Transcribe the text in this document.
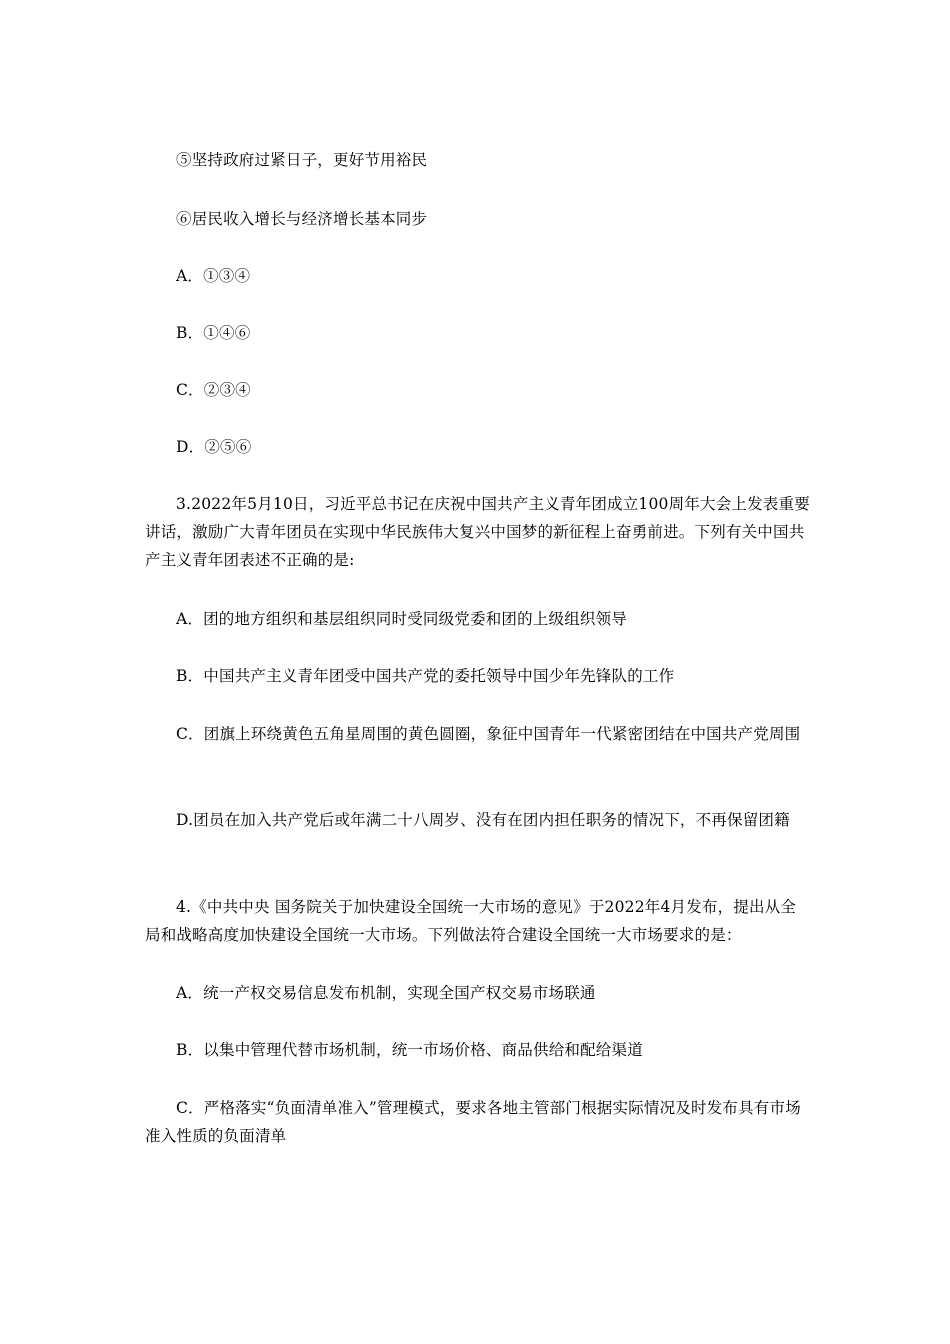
⑤坚持政府过紧日子，更好节用裕民
⑥居民收入增长与经济增长基本同步
A．①③④
B．①④⑥
C．②③④
D．②⑤⑥
3.2022年5月10日，习近平总书记在庆祝中国共产主义青年团成立100周年大会上发表重要讲话，激励广大青年团员在实现中华民族伟大复兴中国梦的新征程上奋勇前进。下列有关中国共产主义青年团表述不正确的是:
A．团的地方组织和基层组织同时受同级党委和团的上级组织领导
B．中国共产主义青年团受中国共产党的委托领导中国少年先锋队的工作
C．团旗上环绕黄色五角星周围的黄色圆圈，象征中国青年一代紧密团结在中国共产党周围
D.团员在加入共产党后或年满二十八周岁、没有在团内担任职务的情况下，不再保留团籍
4.《中共中央 国务院关于加快建设全国统一大市场的意见》于2022年4月发布，提出从全局和战略高度加快建设全国统一大市场。下列做法符合建设全国统一大市场要求的是：
A．统一产权交易信息发布机制，实现全国产权交易市场联通
B．以集中管理代替市场机制，统一市场价格、商品供给和配给渠道
C．严格落实“负面清单准入”管理模式，要求各地主管部门根据实际情况及时发布具有市场准入性质的负面清单
